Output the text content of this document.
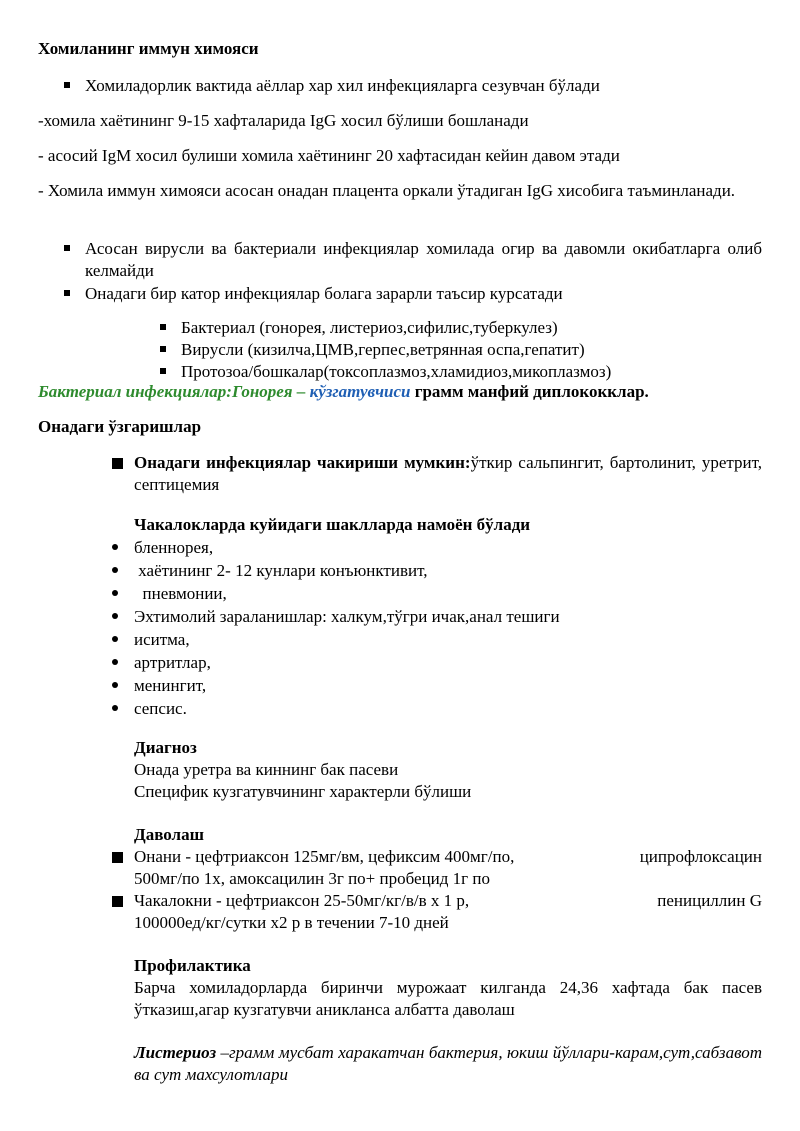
Хомиланинг иммун химояси
Хомиладорлик вактида аёллар хар хил инфекцияларга сезувчан бўлади
-хомила хаётининг 9-15 хафталарида IgG хосил бўлиши бошланади
- асосий IgM хосил булиши хомила хаётининг 20 хафтасидан кейин давом этади
- Хомила иммун химояси асосан онадан плацента оркали ўтадиган IgG хисобига таъминланади.
Асосан вирусли ва бактериали инфекциялар хомилада огир ва давомли окибатларга олиб келмайди
Онадаги бир катор инфекциялар болага зарарли таъсир курсатади
Бактериал (гонорея, листериоз,сифилис,туберкулез)
Вирусли (кизилча,ЦМВ,герпес,ветрянная оспа,гепатит)
Протозоа/бошкалар(токсоплазмоз,хламидиоз,микоплазмоз)
Бактериал инфекциялар:Гонорея – кўзгатувчиси грамм манфий диплококклар.
Онадаги ўзгаришлар
Онадаги инфекциялар чакириши мумкин:ўткир сальпингит, бартолинит, уретрит, септицемия
Чакалокларда куйидаги шаклларда намоён бўлади
бленнорея,
хаётининг 2- 12 кунлари конъюнктивит,
пневмонии,
Эхтимолий зараланишлар: халкум,тўгри ичак,анал тешиги
иситма,
артритлар,
менингит,
сепсис.
Диагноз
Онада уретра ва киннинг бак пасеви
Специфик кузгатувчининг характерли бўлиши
Даволаш
Онани - цефтриаксон 125мг/вм, цефиксим 400мг/по,	ципрофлоксацин
500мг/по 1х, амоксацилин 3г по+ пробецид 1г по
Чакалокни - цефтриаксон 25-50мг/кг/в/в х 1 р,	пенициллин G
100000ед/кг/сутки х2 р в течении 7-10 дней
Профилактика
Барча хомиладорларда биринчи мурожаат килганда 24,36 хафтада бак пасев ўтказиш,агар кузгатувчи аникланса албатта даволаш
Листериоз –грамм мусбат харакатчан бактерия, юкиш йўллари-карам,сут,сабзавот ва сут махсулотлари
